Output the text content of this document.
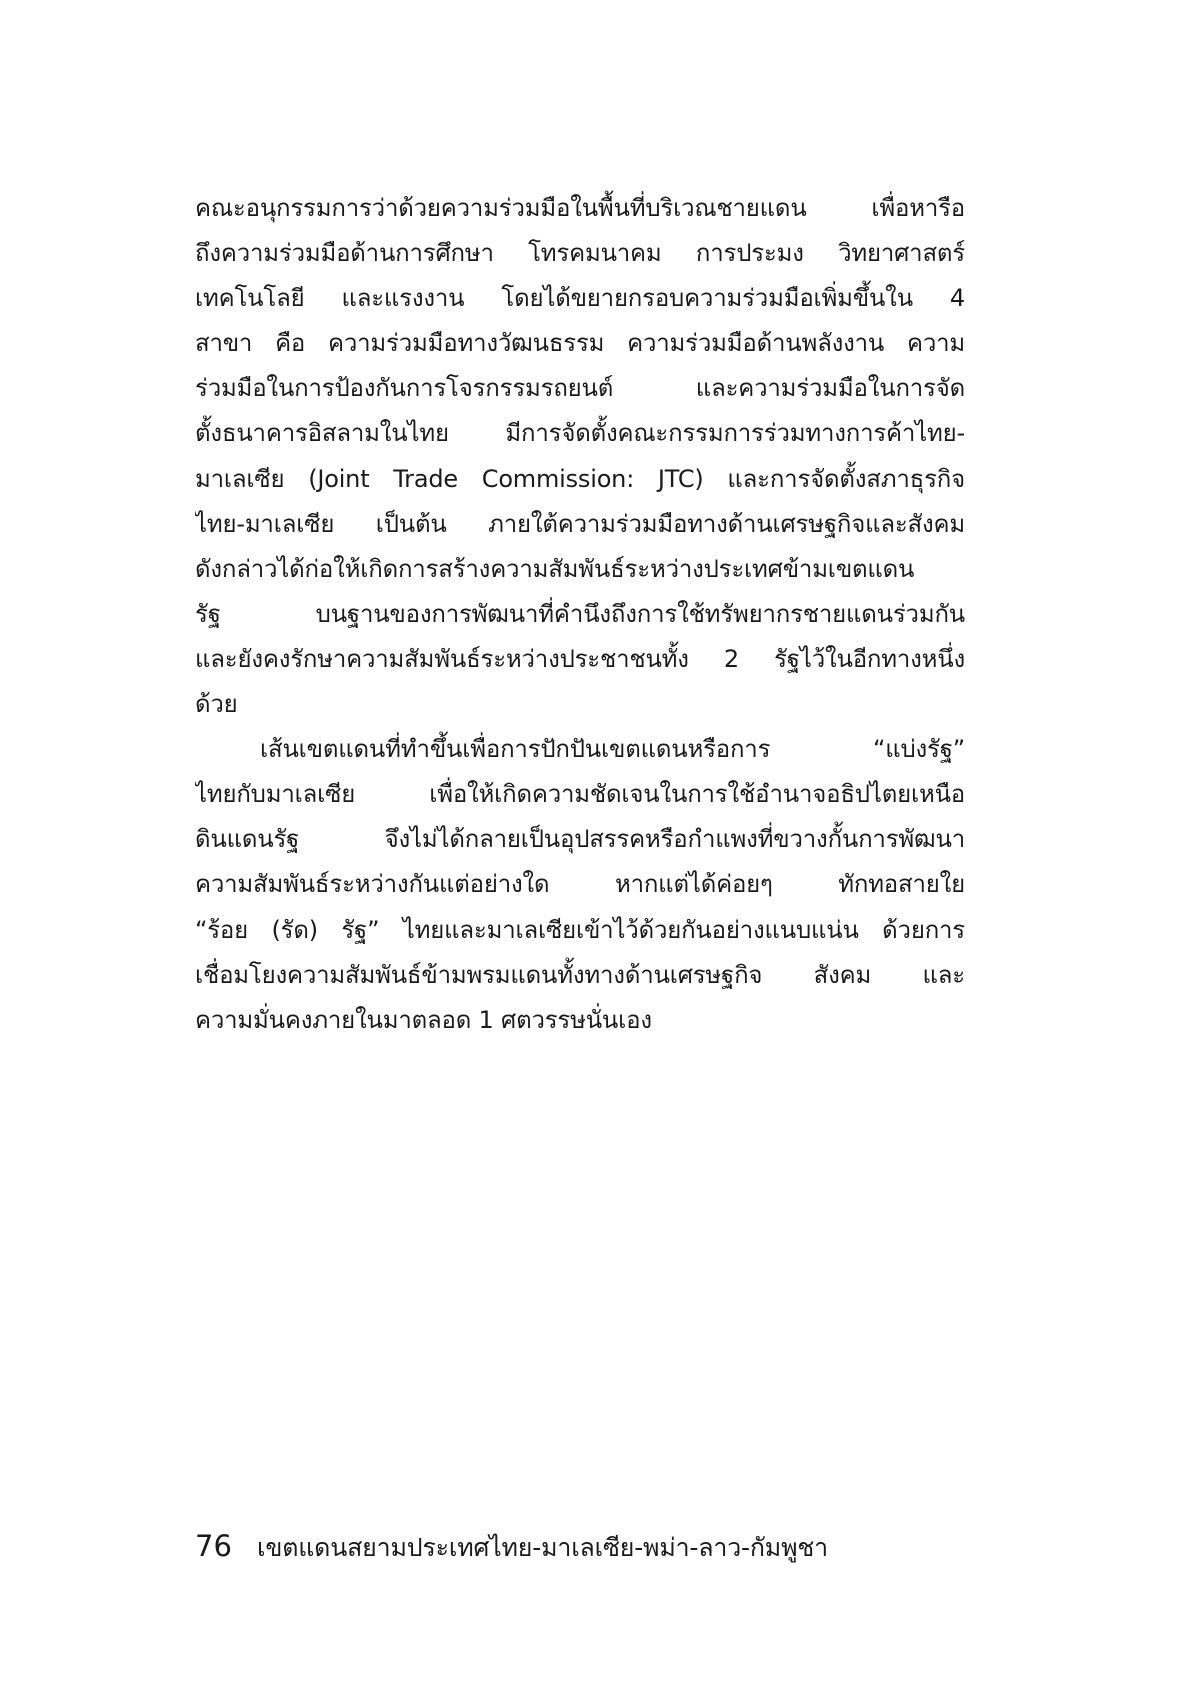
คณะอนุกรรมการว่าด้วยความร่วมมือในพื้นที่บริเวณชายแดน เพื่อหารือ
ถึงความร่วมมือด้านการศึกษา โทรคมนาคม การประมง วิทยาศาสตร์
เทคโนโลยี และแรงงาน โดยได้ขยายกรอบความร่วมมือเพิ่มขึ้นใน 4
สาขา คือ ความร่วมมือทางวัฒนธรรม ความร่วมมือด้านพลังงาน ความ
ร่วมมือในการป้องกันการโจรกรรมรถยนต์ และความร่วมมือในการจัด
ตั้งธนาคารอิสลามในไทย มีการจัดตั้งคณะกรรมการร่วมทางการค้าไทย-
มาเลเซีย (Joint Trade Commission: JTC) และการจัดตั้งสภาธุรกิจ
ไทย-มาเลเซีย เป็นต้น ภายใต้ความร่วมมือทางด้านเศรษฐกิจและสังคม
ดังกล่าวได้ก่อให้เกิดการสร้างความสัมพันธ์ระหว่างประเทศข้ามเขตแดน
รัฐ บนฐานของการพัฒนาที่คำนึงถึงการใช้ทรัพยากรชายแดนร่วมกัน
และยังคงรักษาความสัมพันธ์ระหว่างประชาชนทั้ง 2 รัฐไว้ในอีกทางหนึ่ง
ด้วย
เส้นเขตแดนที่ทำขึ้นเพื่อการปักปันเขตแดนหรือการ “แบ่งรัฐ”
ไทยกับมาเลเซีย เพื่อให้เกิดความชัดเจนในการใช้อำนาจอธิปไตยเหนือ
ดินแดนรัฐ จึงไม่ได้กลายเป็นอุปสรรคหรือกำแพงที่ขวางกั้นการพัฒนา
ความสัมพันธ์ระหว่างกันแต่อย่างใด หากแต่ได้ค่อยๆ ทักทอสายใย
“ร้อย (รัด) รัฐ” ไทยและมาเลเซียเข้าไว้ด้วยกันอย่างแนบแน่น ด้วยการ
เชื่อมโยงความสัมพันธ์ข้ามพรมแดนทั้งทางด้านเศรษฐกิจ สังคม และ
ความมั่นคงภายในมาตลอด 1 ศตวรรษนั่นเอง
76 เขตแดนสยามประเทศไทย-มาเลเซีย-พม่า-ลาว-กัมพูชา
